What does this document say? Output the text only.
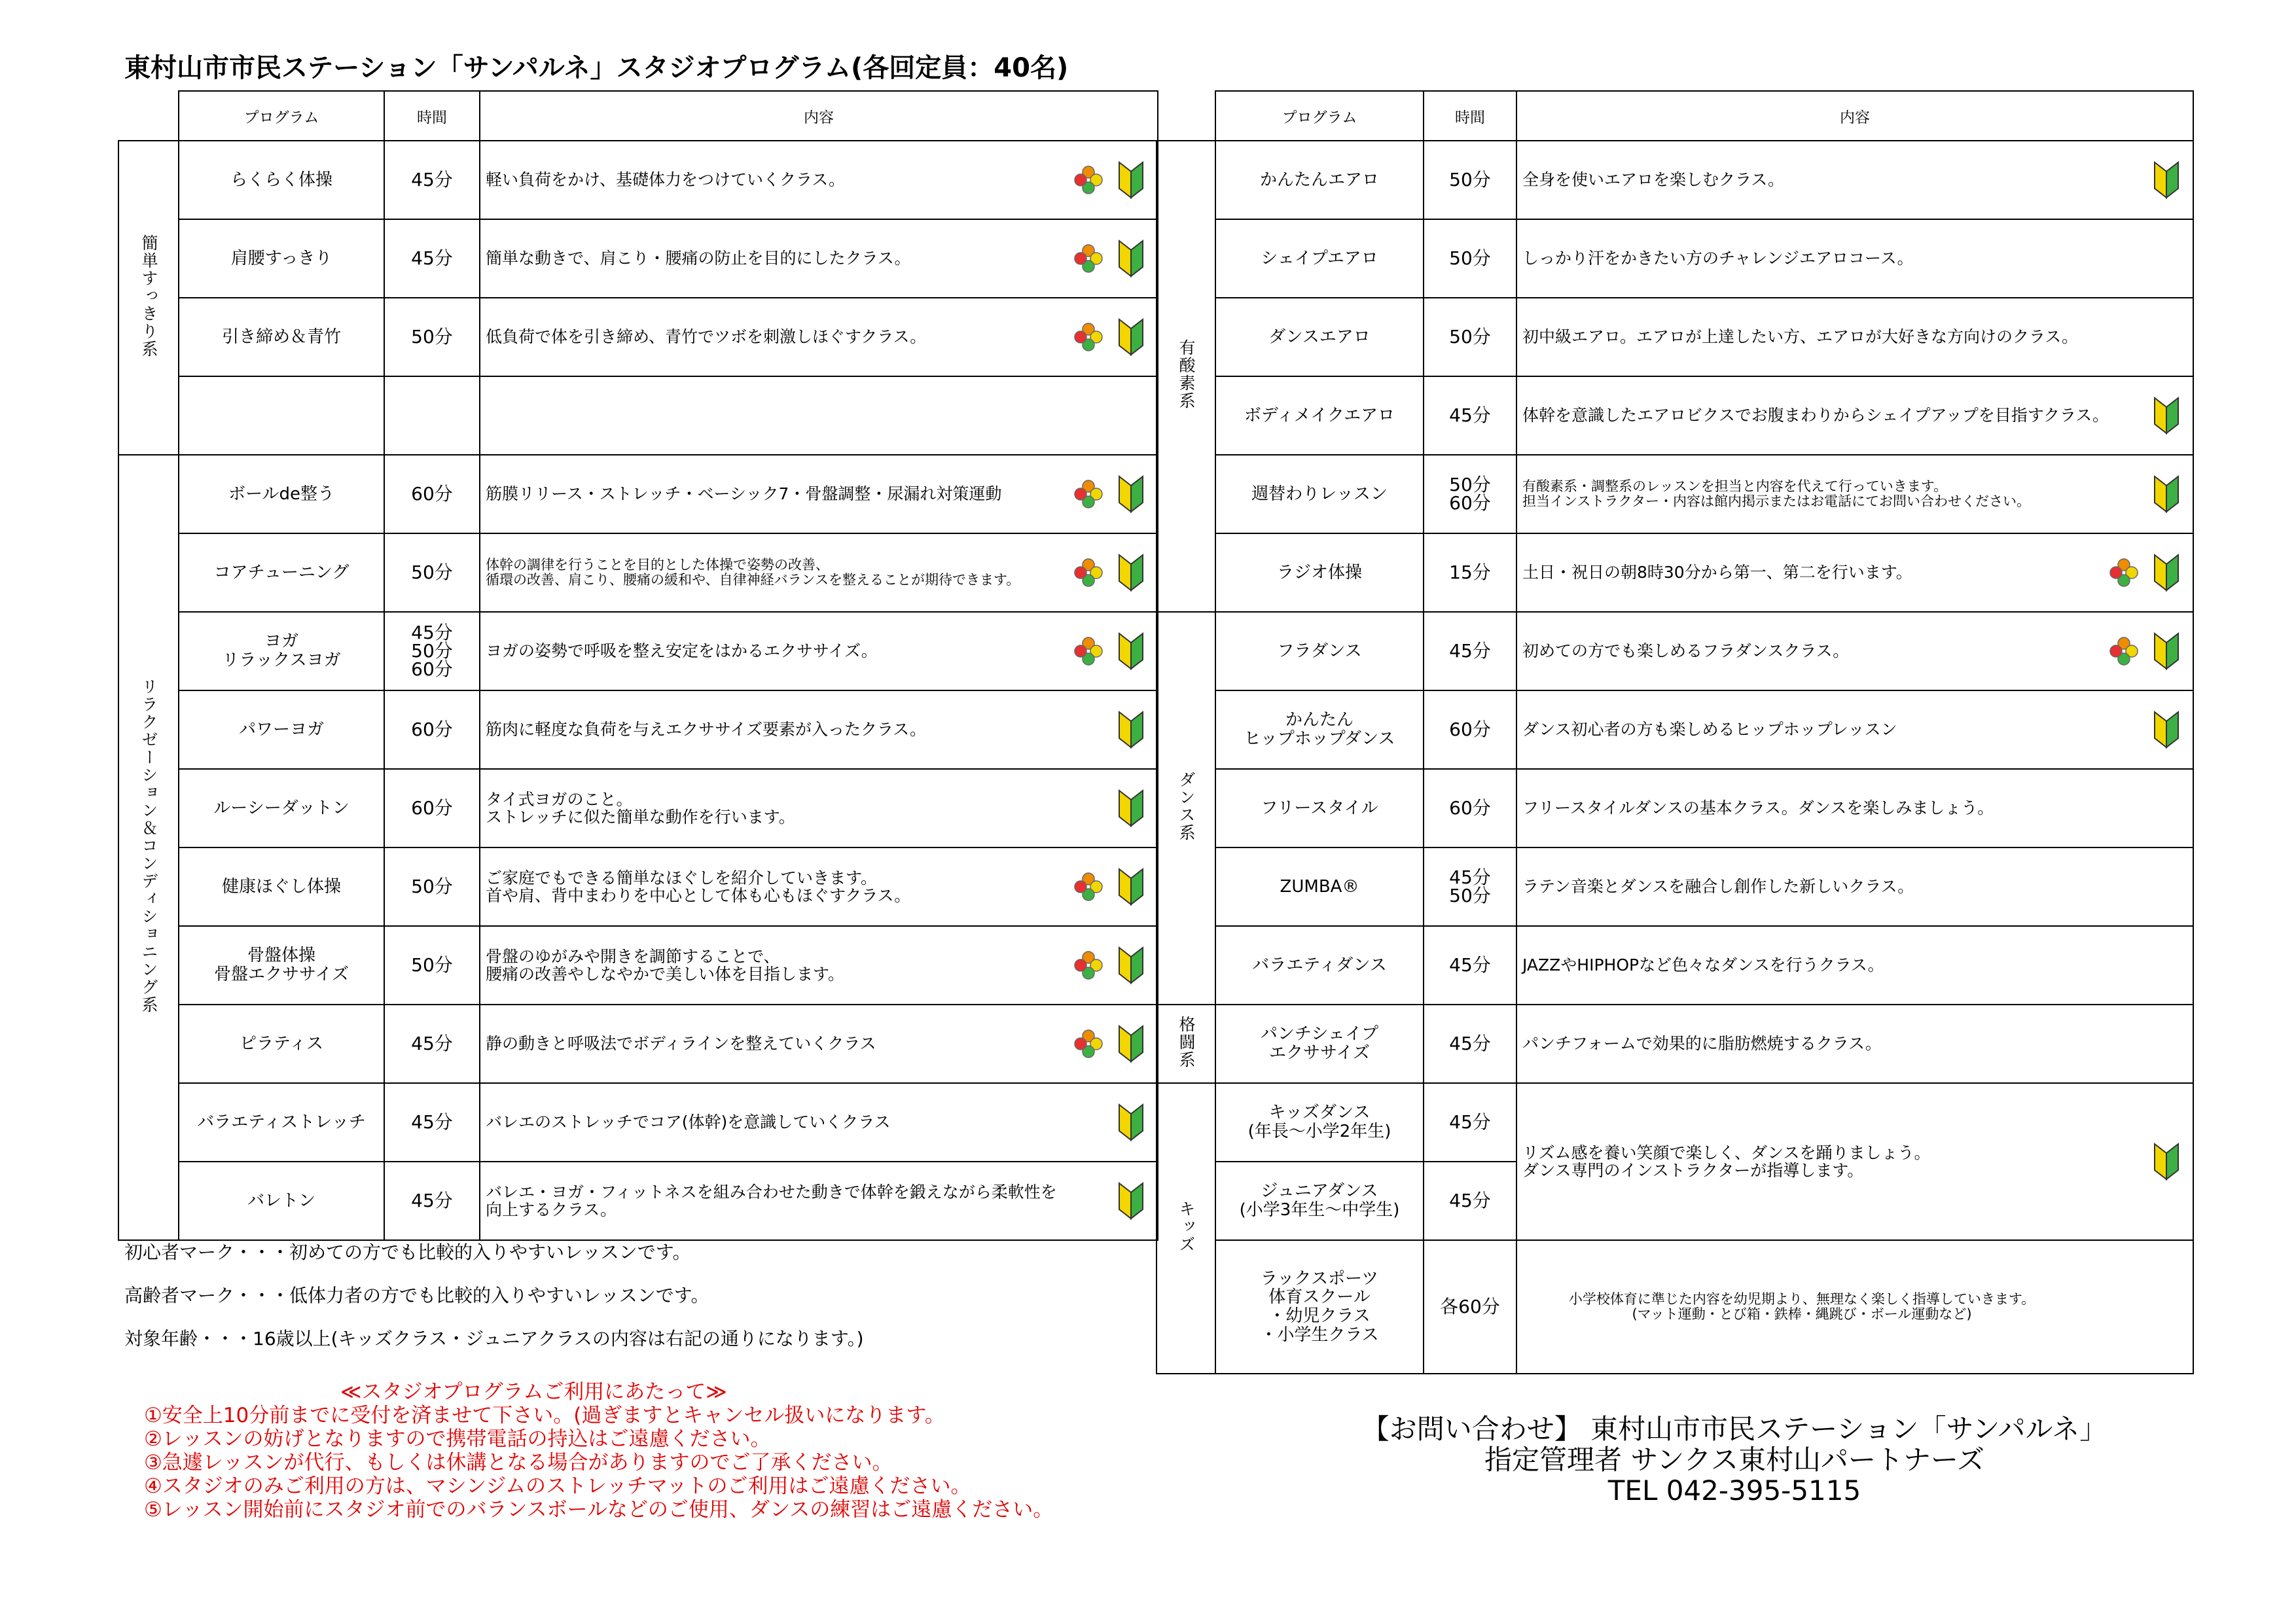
東村山市市民ステーション「サンパルネ」スタジオプログラム(各回定員：40名)
	プログラム	時間	内容
簡単すっきり系	らくらく体操	45分	軽い負荷をかけ、基礎体力をつけていくクラス。

	肩腰すっきり	45分	簡単な動きで、肩こり・腰痛の防止を目的にしたクラス。

	引き締め＆青竹	50分	低負荷で体を引き締め、青竹でツボを刺激しほぐすクラス。

リラクゼーション＆コンディショニング系	ボールde整う	60分	筋膜リリース・ストレッチ・ベーシック7・骨盤調整・尿漏れ対策運動

	コアチューニング	50分	体幹の調律を行うことを目的とした体操で姿勢の改善、
循環の改善、肩こり、腰痛の緩和や、自律神経バランスを整えることが期待できます。

	ヨガ
リラックスヨガ	45分
50分
60分	ヨガの姿勢で呼吸を整え安定をはかるエクササイズ。

	パワーヨガ	60分	筋肉に軽度な負荷を与えエクササイズ要素が入ったクラス。

	ルーシーダットン	60分	タイ式ヨガのこと。
ストレッチに似た簡単な動作を行います。

	健康ほぐし体操	50分	ご家庭でもできる簡単なほぐしを紹介していきます。
首や肩、背中まわりを中心として体も心もほぐすクラス。

	骨盤体操
骨盤エクササイズ	50分	骨盤のゆがみや開きを調節することで、
腰痛の改善やしなやかで美しい体を目指します。

	ピラティス	45分	静の動きと呼吸法でボディラインを整えていくクラス

	バラエティストレッチ	45分	バレエのストレッチでコア(体幹)を意識していくクラス

	バレトン	45分	バレエ・ヨガ・フィットネスを組み合わせた動きで体幹を鍛えながら柔軟性を
向上するクラス。
	プログラム	時間	内容
有酸素系	かんたんエアロ	50分	全身を使いエアロを楽しむクラス。

	シェイプエアロ	50分	しっかり汗をかきたい方のチャレンジエアロコース。
	ダンスエアロ	50分	初中級エアロ。エアロが上達したい方、エアロが大好きな方向けのクラス。
	ボディメイクエアロ	45分	体幹を意識したエアロビクスでお腹まわりからシェイプアップを目指すクラス。

	週替わりレッスン	50分
60分	有酸素系・調整系のレッスンを担当と内容を代えて行っていきます。
担当インストラクター・内容は館内掲示またはお電話にてお問い合わせください。

	ラジオ体操	15分	土日・祝日の朝8時30分から第一、第二を行います。

ダンス系	フラダンス	45分	初めての方でも楽しめるフラダンスクラス。

	かんたん
ヒップホップダンス	60分	ダンス初心者の方も楽しめるヒップホップレッスン

	フリースタイル	60分	フリースタイルダンスの基本クラス。ダンスを楽しみましょう。
	ZUMBA®	45分
50分	ラテン音楽とダンスを融合し創作した新しいクラス。
	バラエティダンス	45分	JAZZやHIPHOPなど色々なダンスを行うクラス。
格闘系	パンチシェイプ
エクササイズ	45分	パンチフォームで効果的に脂肪燃焼するクラス。
キッズ	キッズダンス
(年長～小学2年生)	45分	リズム感を養い笑顔で楽しく、ダンスを踊りましょう。
ダンス専門のインストラクターが指導します。

	ジュニアダンス
(小学3年生～中学生)	45分	
	ラックスポーツ
体育スクール
・幼児クラス
・小学生クラス	各60分	小学校体育に準じた内容を幼児期より、無理なく楽しく指導していきます。
(マット運動・とび箱・鉄棒・縄跳び・ボール運動など)
初心者マーク・・・初めての方でも比較的入りやすいレッスンです。
高齢者マーク・・・低体力者の方でも比較的入りやすいレッスンです。
対象年齢・・・16歳以上(キッズクラス・ジュニアクラスの内容は右記の通りになります。)
≪スタジオプログラムご利用にあたって≫
①安全上10分前までに受付を済ませて下さい。(過ぎますとキャンセル扱いになります。
②レッスンの妨げとなりますので携帯電話の持込はご遠慮ください。
③急遽レッスンが代行、もしくは休講となる場合がありますのでご了承ください。
④スタジオのみご利用の方は、マシンジムのストレッチマットのご利用はご遠慮ください。
⑤レッスン開始前にスタジオ前でのバランスボールなどのご使用、ダンスの練習はご遠慮ください。
【お問い合わせ】 東村山市市民ステーション「サンパルネ」
指定管理者 サンクス東村山パートナーズ
TEL 042-395-5115
